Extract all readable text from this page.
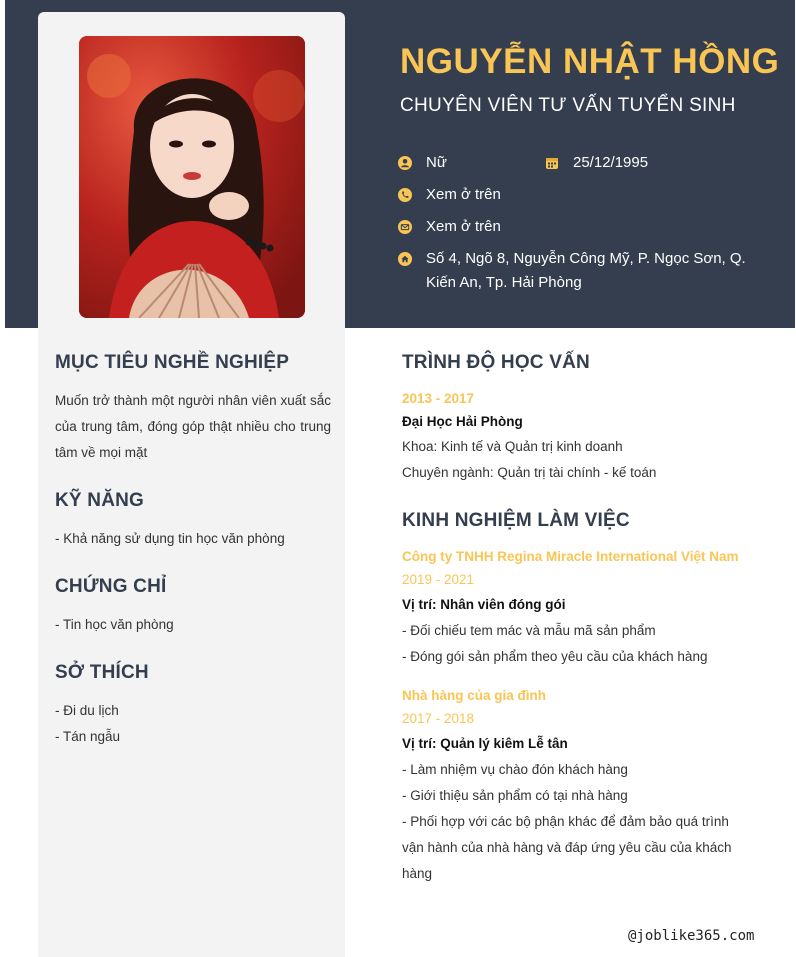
NGUYỄN NHẬT HỒNG
CHUYÊN VIÊN TƯ VẤN TUYỂN SINH
Nữ	25/12/1995
Xem ở trên
Xem ở trên
Số 4, Ngõ 8, Nguyễn Công Mỹ, P. Ngọc Sơn, Q.
Kiến An, Tp. Hải Phòng
MỤC TIÊU NGHỀ NGHIỆP
Muốn trở thành một người nhân viên xuất sắc của trung tâm, đóng góp thật nhiều cho trung tâm về mọi mặt
KỸ NĂNG
- Khả năng sử dụng tin học văn phòng
CHỨNG CHỈ
- Tin học văn phòng
SỞ THÍCH
- Đi du lịch
- Tán ngẫu
TRÌNH ĐỘ HỌC VẤN
2013 - 2017
Đại Học Hải Phòng
Khoa: Kinh tế và Quản trị kinh doanh
Chuyên ngành: Quản trị tài chính - kế toán
KINH NGHIỆM LÀM VIỆC
Công ty TNHH Regina Miracle International Việt Nam
2019 - 2021
Vị trí: Nhân viên đóng gói
- Đối chiếu tem mác và mẫu mã sản phẩm
- Đóng gói sản phẩm theo yêu cầu của khách hàng
Nhà hàng của gia đình
2017 - 2018
Vị trí: Quản lý kiêm Lễ tân
- Làm nhiệm vụ chào đón khách hàng
- Giới thiệu sản phẩm có tại nhà hàng
- Phối hợp với các bộ phận khác để đảm bảo quá trình vận hành của nhà hàng và đáp ứng yêu cầu của khách hàng
@joblike365.com
